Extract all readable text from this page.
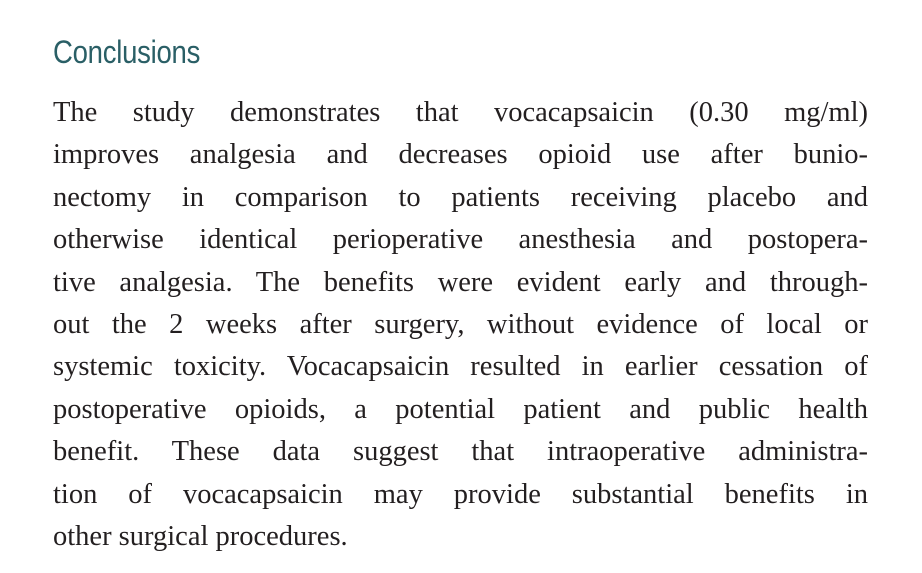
Conclusions
The study demonstrates that vocacapsaicin (0.30 mg/ml)
improves analgesia and decreases opioid use after bunio-
nectomy in comparison to patients receiving placebo and
otherwise identical perioperative anesthesia and postopera-
tive analgesia. The benefits were evident early and through-
out the 2 weeks after surgery, without evidence of local or
systemic toxicity. Vocacapsaicin resulted in earlier cessation of
postoperative opioids, a potential patient and public health
benefit. These data suggest that intraoperative administra-
tion of vocacapsaicin may provide substantial benefits in
other surgical procedures.
